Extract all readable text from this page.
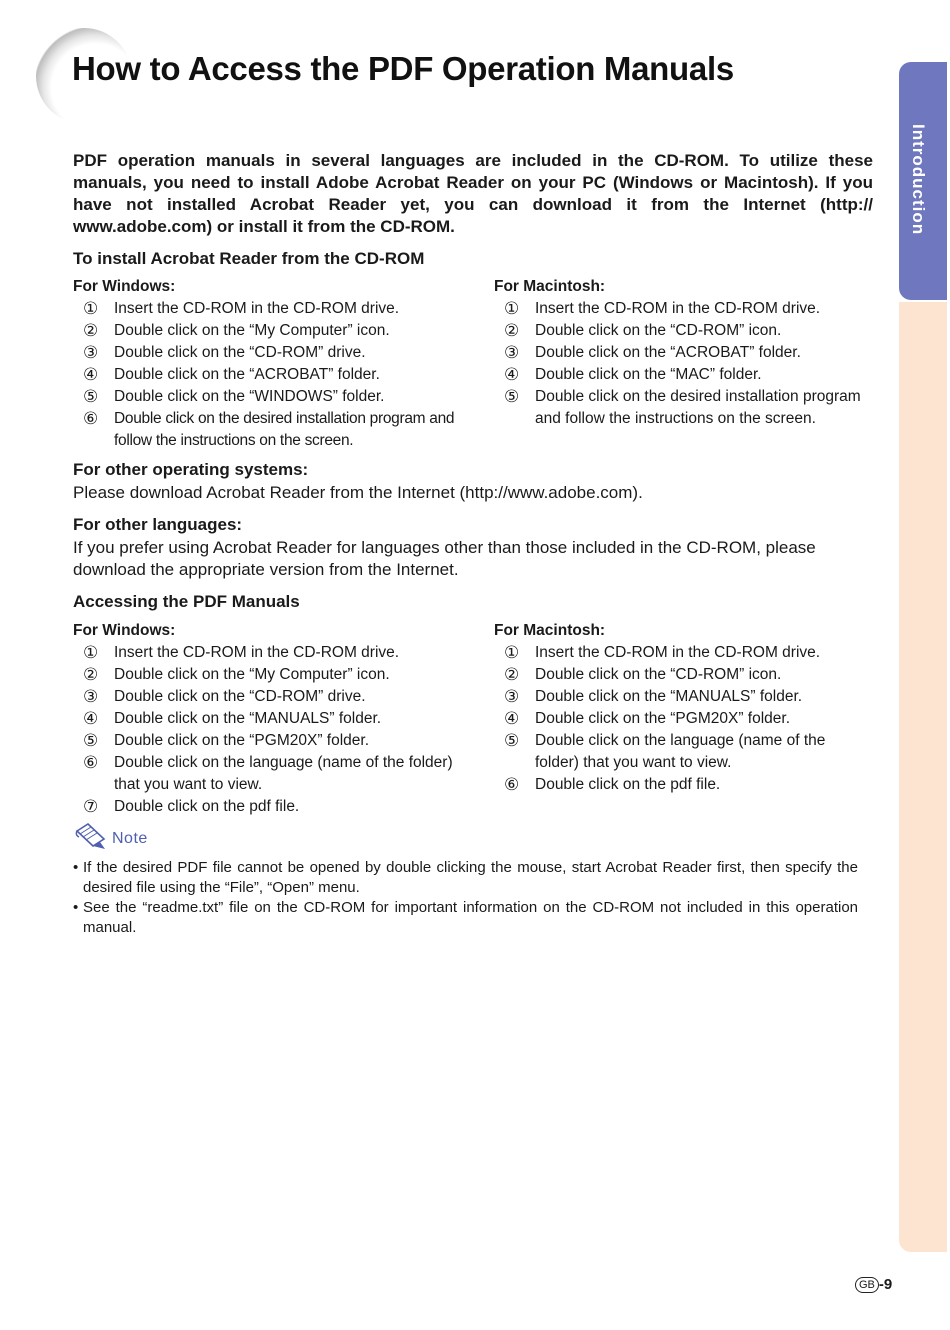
How to Access the PDF Operation Manuals
Introduction
PDF operation manuals in several languages are included in the CD-ROM. To utilize these manuals, you need to install Adobe Acrobat Reader on your PC (Windows or Macintosh). If you have not installed Acrobat Reader yet, you can download it from the Internet (http:// www.adobe.com) or install it from the CD-ROM.
To install Acrobat Reader from the CD-ROM
For Windows:
① Insert the CD-ROM in the CD-ROM drive.
② Double click on the “My Computer” icon.
③ Double click on the “CD-ROM” drive.
④ Double click on the “ACROBAT” folder.
⑤ Double click on the “WINDOWS” folder.
⑥ Double click on the desired installation program and follow the instructions on the screen.
For Macintosh:
① Insert the CD-ROM in the CD-ROM drive.
② Double click on the “CD-ROM” icon.
③ Double click on the “ACROBAT” folder.
④ Double click on the “MAC” folder.
⑤ Double click on the desired installation program and follow the instructions on the screen.
For other operating systems:
Please download Acrobat Reader from the Internet (http://www.adobe.com).
For other languages:
If you prefer using Acrobat Reader for languages other than those included in the CD-ROM, please download the appropriate version from the Internet.
Accessing the PDF Manuals
For Windows:
① Insert the CD-ROM in the CD-ROM drive.
② Double click on the “My Computer” icon.
③ Double click on the “CD-ROM” drive.
④ Double click on the “MANUALS” folder.
⑤ Double click on the “PGM20X” folder.
⑥ Double click on the language (name of the folder) that you want to view.
⑦ Double click on the pdf file.
For Macintosh:
① Insert the CD-ROM in the CD-ROM drive.
② Double click on the “CD-ROM” icon.
③ Double click on the “MANUALS” folder.
④ Double click on the “PGM20X” folder.
⑤ Double click on the language (name of the folder) that you want to view.
⑥ Double click on the pdf file.
Note
• If the desired PDF file cannot be opened by double clicking the mouse, start Acrobat Reader first, then specify the desired file using the “File”, “Open” menu.
• See the “readme.txt” file on the CD-ROM for important information on the CD-ROM not included in this operation manual.
GB -9
